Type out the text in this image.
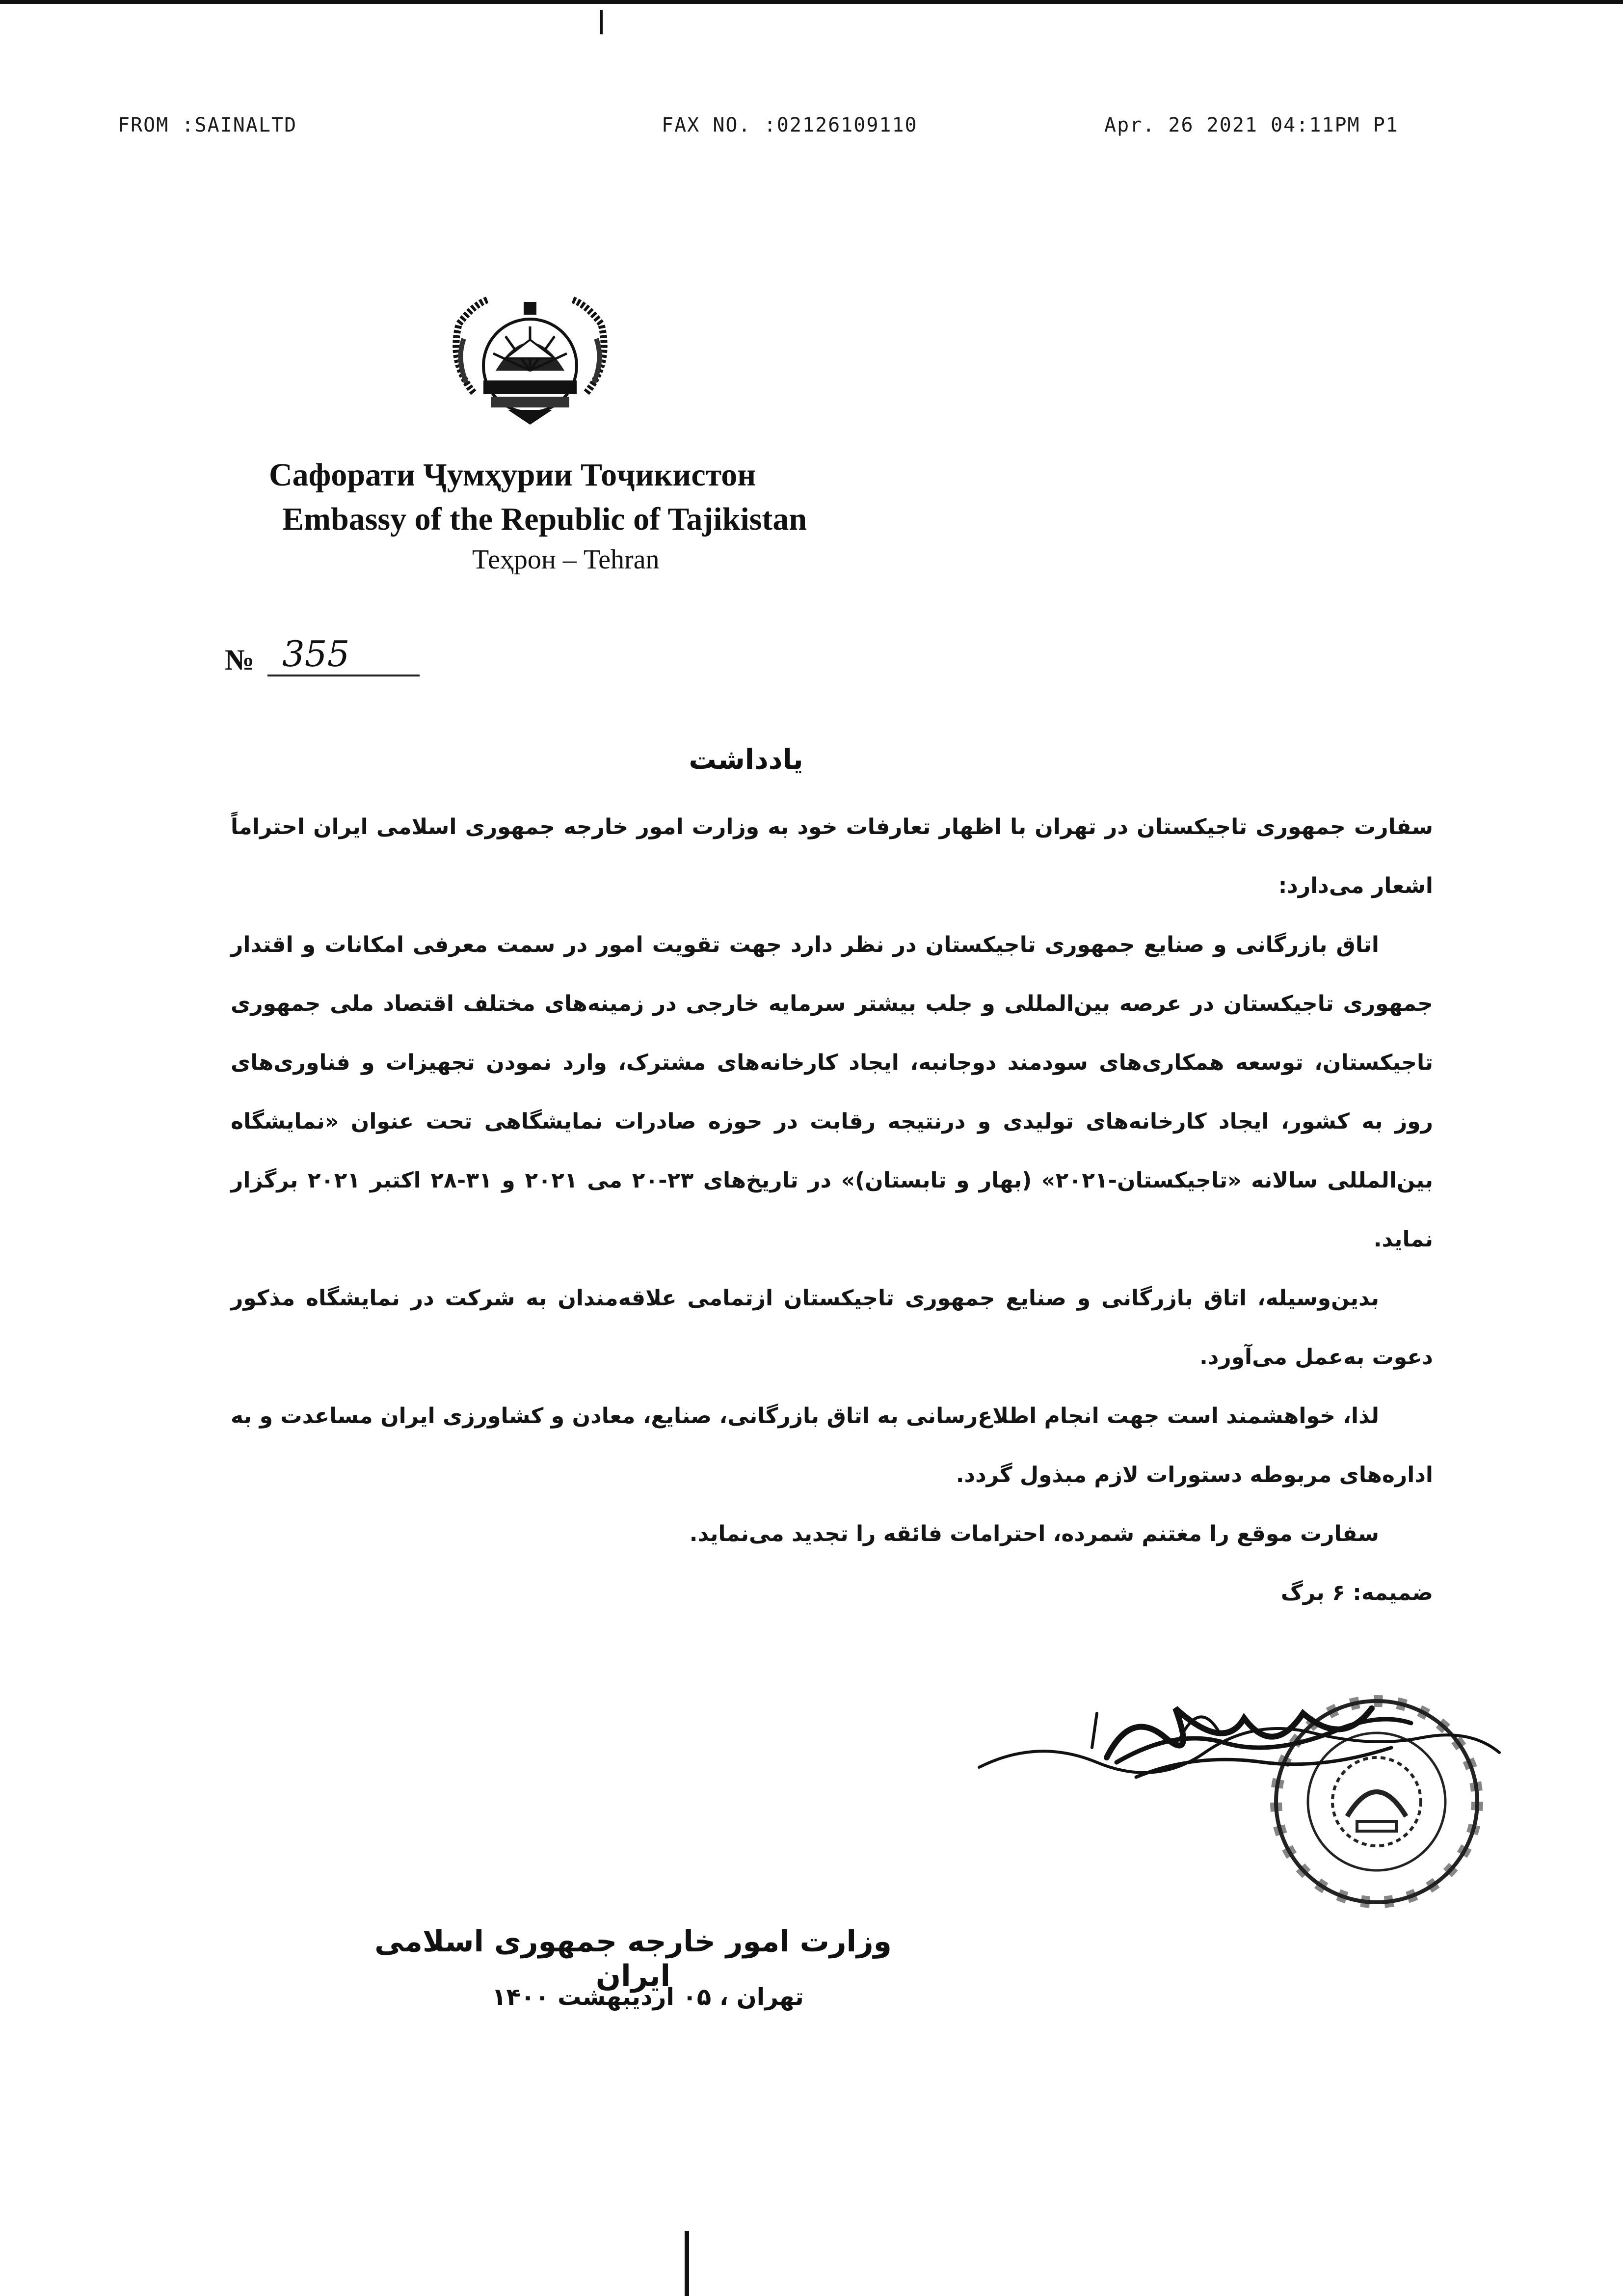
FROM :SAINALTD	FAX NO. :02126109110	Apr. 26 2021 04:11PM P1
Сафорати Ҷумҳурии Тоҷикистон
Embassy of the Republic of Tajikistan
Теҳрон – Tehran
№ 355
یادداشت

سفارت جمهوری تاجیکستان در تهران با اظهار تعارفات خود به وزارت امور خارجه جمهوری اسلامی ایران احتراماً اشعار می‌دارد:

اتاق بازرگانی و صنایع جمهوری تاجیکستان در نظر دارد جهت تقویت امور در سمت معرفی امکانات و اقتدار جمهوری تاجیکستان در عرصه بین‌المللی و جلب بیشتر سرمایه خارجی در زمینه‌های مختلف اقتصاد ملی جمهوری تاجیکستان، توسعه همکاری‌های سودمند دوجانبه، ایجاد کارخانه‌های مشترک، وارد نمودن تجهیزات و فناوری‌های روز به کشور، ایجاد کارخانه‌های تولیدی و درنتیجه رقابت در حوزه صادرات نمایشگاهی تحت عنوان «نمایشگاه بین‌المللی سالانه «تاجیکستان-۲۰۲۱» (بهار و تابستان)» در تاریخ‌های ۲۳-۲۰ می ۲۰۲۱ و ۳۱-۲۸ اکتبر ۲۰۲۱ برگزار نماید.

بدین‌وسیله، اتاق بازرگانی و صنایع جمهوری تاجیکستان ازتمامی علاقه‌مندان به شرکت در نمایشگاه مذکور دعوت به‌عمل می‌آورد.

لذا، خواهشمند است جهت انجام اطلاع‌رسانی به اتاق بازرگانی، صنایع، معادن و کشاورزی ایران مساعدت و به اداره‌های مربوطه دستورات لازم مبذول گردد.

سفارت موقع را مغتنم شمرده، احترامات فائقه را تجدید می‌نماید.

ضمیمه: ۶ برگ

وزارت امور خارجه جمهوری اسلامی ایران
تهران ، ۰۵ اردیبهشت ۱۴۰۰
